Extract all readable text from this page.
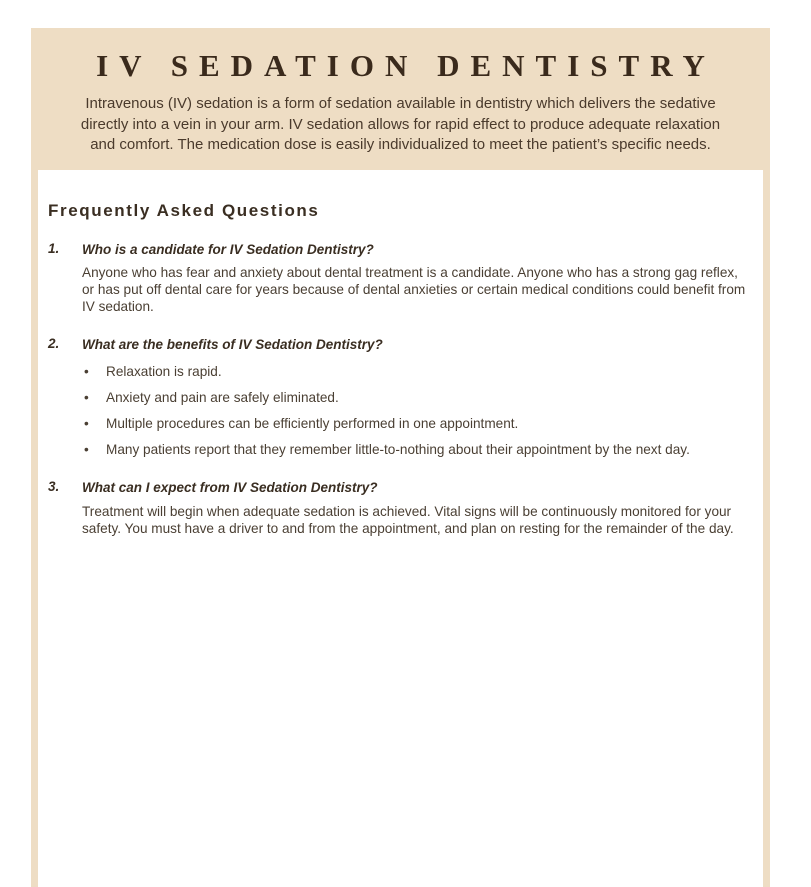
IV SEDATION DENTISTRY

Intravenous (IV) sedation is a form of sedation available in dentistry which delivers the sedative directly into a vein in your arm. IV sedation allows for rapid effect to produce adequate relaxation and comfort. The medication dose is easily individualized to meet the patient’s specific needs.

Frequently Asked Questions
1.	Who is a candidate for IV Sedation Dentistry?

Anyone who has fear and anxiety about dental treatment is a candidate. Anyone who has a strong gag reflex, or has put off dental care for years because of dental anxieties or certain medical conditions could benefit from IV sedation.

2.	What are the benefits of IV Sedation Dentistry?
• Relaxation is rapid.
• Anxiety and pain are safely eliminated.
• Multiple procedures can be efficiently performed in one appointment.
• Many patients report that they remember little-to-nothing about their appointment by the next day.
3.	What can I expect from IV Sedation Dentistry?

Treatment will begin when adequate sedation is achieved. Vital signs will be continuously monitored for your safety. You must have a driver to and from the appointment, and plan on resting for the remainder of the day.
